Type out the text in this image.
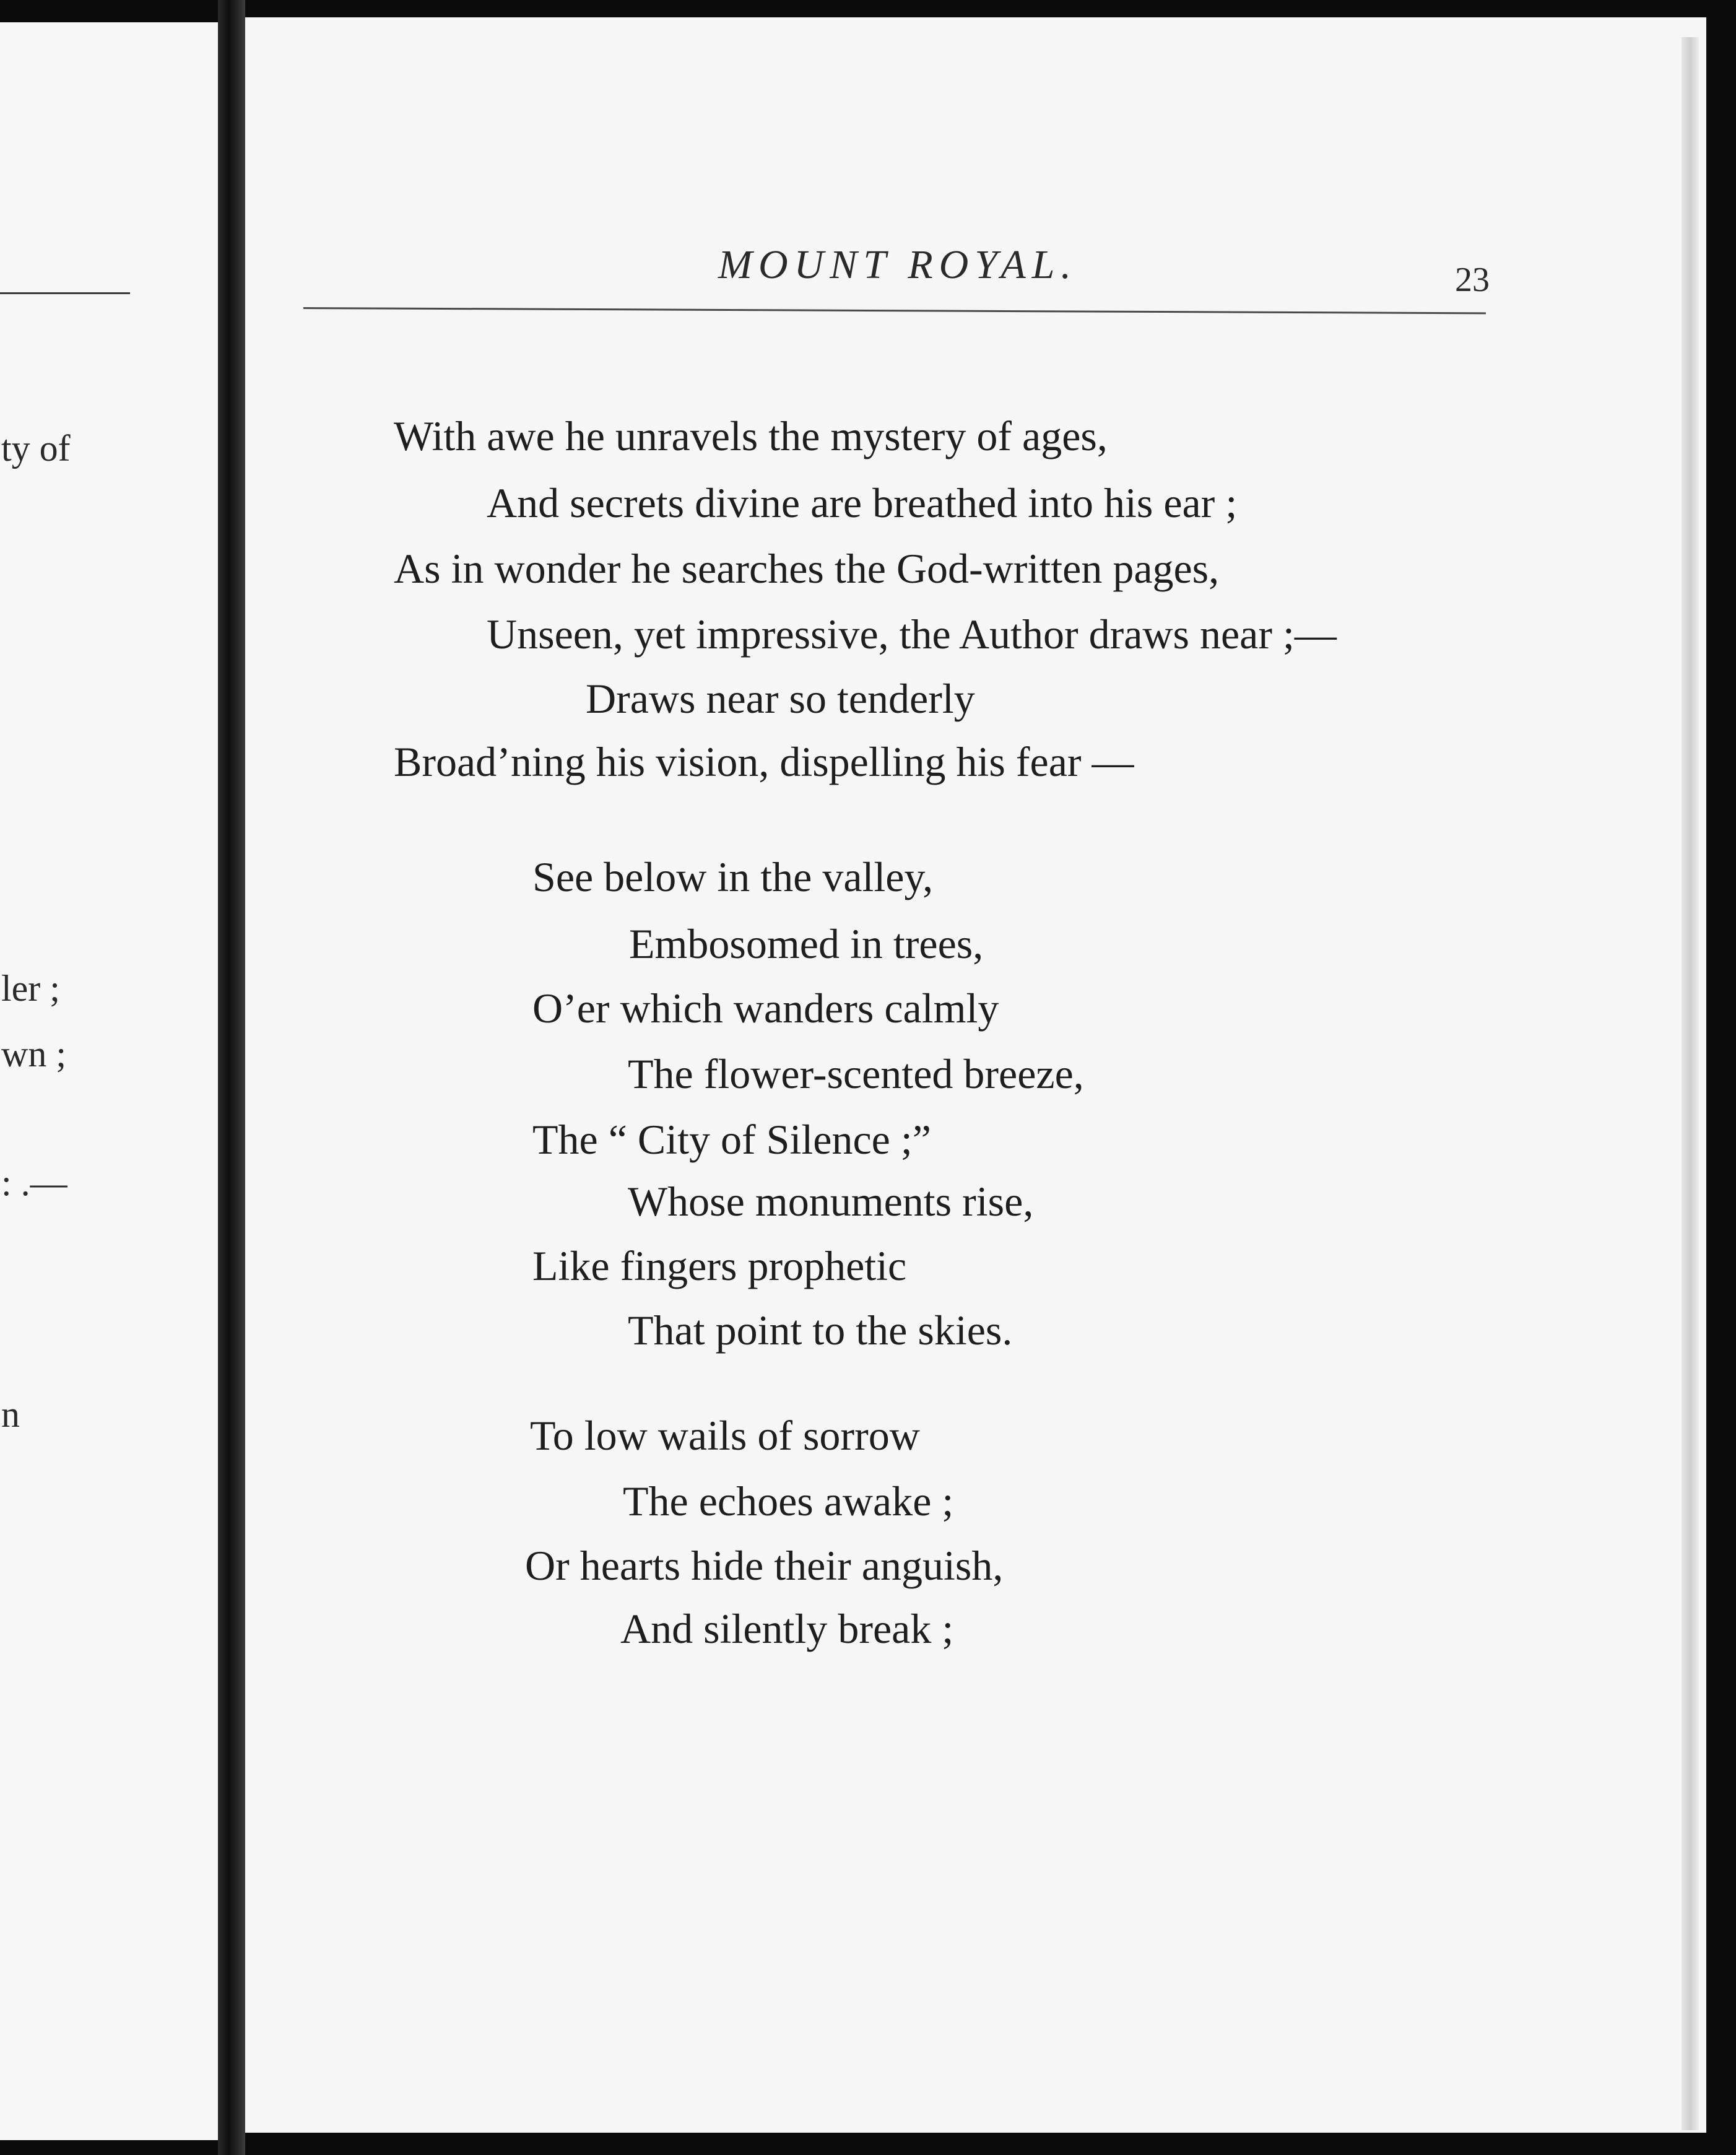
ty of
ler ;
wn ;
: .—
n
MOUNT ROYAL.	23
With awe he unravels the mystery of ages,
And secrets divine are breathed into his ear ;
As in wonder he searches the God-written pages,
Unseen, yet impressive, the Author draws near ;—
Draws near so tenderly
Broad’ning his vision, dispelling his fear —
See below in the valley,
Embosomed in trees,
O’er which wanders calmly
The flower-scented breeze,
The “ City of Silence ;”
Whose monuments rise,
Like fingers prophetic
That point to the skies.
To low wails of sorrow
The echoes awake ;
Or hearts hide their anguish,
And silently break ;
